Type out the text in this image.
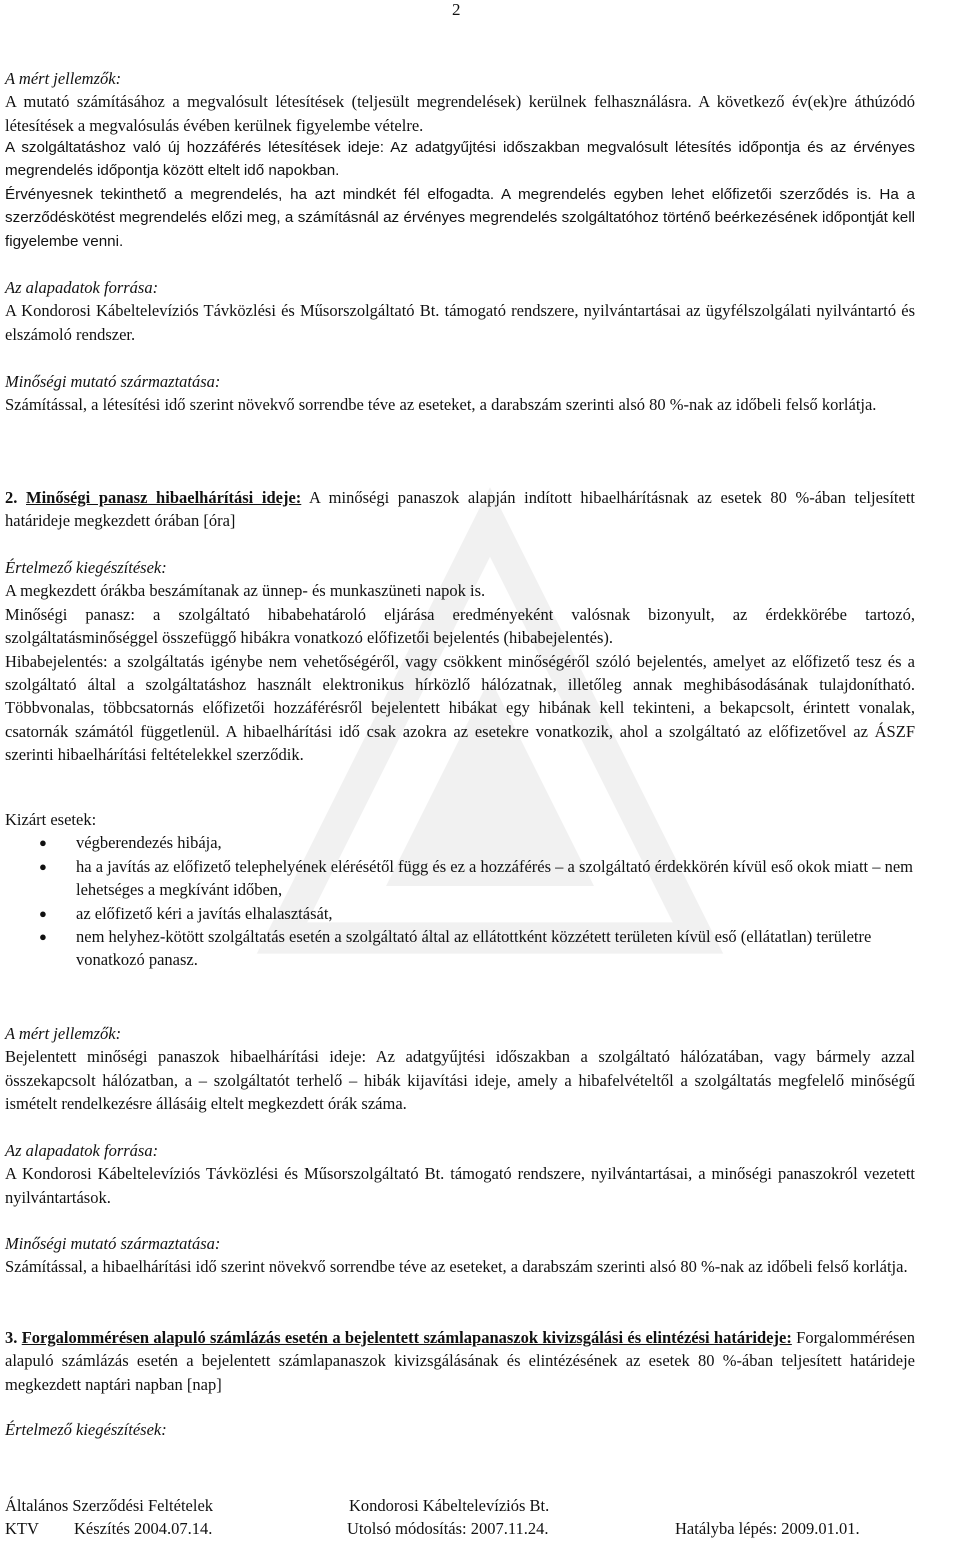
2

A mért jellemzők:

A mutató számításához a megvalósult létesítések (teljesült megrendelések) kerülnek felhasználásra. A következő év(ek)re áthúzódó létesítések a megvalósulás évében kerülnek figyelembe vételre.

A szolgáltatáshoz való új hozzáférés létesítések ideje: Az adatgyűjtési időszakban megvalósult létesítés időpontja és az érvényes megrendelés időpontja között eltelt idő napokban.

Érvényesnek tekinthető a megrendelés, ha azt mindkét fél elfogadta. A megrendelés egyben lehet előfizetői szerződés is. Ha a szerződéskötést megrendelés előzi meg, a számításnál az érvényes megrendelés szolgáltatóhoz történő beérkezésének időpontját kell figyelembe venni.

Az alapadatok forrása:

A Kondorosi Kábeltelevíziós Távközlési és Műsorszolgáltató Bt. támogató rendszere, nyilvántartásai az ügyfélszolgálati nyilvántartó és elszámoló rendszer.

Minőségi mutató származtatása:

Számítással, a létesítési idő szerint növekvő sorrendbe téve az eseteket, a darabszám szerinti alsó 80 %-nak az időbeli felső korlátja.

2. Minőségi panasz hibaelhárítási ideje: A minőségi panaszok alapján indított hibaelhárításnak az esetek 80 %-ában teljesített határideje megkezdett órában [óra]

Értelmező kiegészítések:

A megkezdett órákba beszámítanak az ünnep- és munkaszüneti napok is.

Minőségi panasz: a szolgáltató hibabehatároló eljárása eredményeként valósnak bizonyult, az érdekkörébe tartozó, szolgáltatásminőséggel összefüggő hibákra vonatkozó előfizetői bejelentés (hibabejelentés).

Hibabejelentés: a szolgáltatás igénybe nem vehetőségéről, vagy csökkent minőségéről szóló bejelentés, amelyet az előfizető tesz és a szolgáltató által a szolgáltatáshoz használt elektronikus hírközlő hálózatnak, illetőleg annak meghibásodásának tulajdonítható. Többvonalas, többcsatornás előfizetői hozzáférésről bejelentett hibákat egy hibának kell tekinteni, a bekapcsolt, érintett vonalak, csatornák számától függetlenül. A hibaelhárítási idő csak azokra az esetekre vonatkozik, ahol a szolgáltató az előfizetővel az ÁSZF szerinti hibaelhárítási feltételekkel szerződik.

Kizárt esetek:

● végberendezés hibája,
● ha a javítás az előfizető telephelyének elérésétől függ és ez a hozzáférés – a szolgáltató érdekkörén kívül eső okok miatt – nem lehetséges a megkívánt időben,
● az előfizető kéri a javítás elhalasztását,
● nem helyhez-kötött szolgáltatás esetén a szolgáltató által az ellátottként közzétett területen kívül eső (ellátatlan) területre vonatkozó panasz.

A mért jellemzők:

Bejelentett minőségi panaszok hibaelhárítási ideje: Az adatgyűjtési időszakban a szolgáltató hálózatában, vagy bármely azzal összekapcsolt hálózatban, a – szolgáltatót terhelő – hibák kijavítási ideje, amely a hibafelvételtől a szolgáltatás megfelelő minőségű ismételt rendelkezésre állásáig eltelt megkezdett órák száma.

Az alapadatok forrása:

A Kondorosi Kábeltelevíziós Távközlési és Műsorszolgáltató Bt. támogató rendszere, nyilvántartásai, a minőségi panaszokról vezetett nyilvántartások.

Minőségi mutató származtatása:

Számítással, a hibaelhárítási idő szerint növekvő sorrendbe téve az eseteket, a darabszám szerinti alsó 80 %-nak az időbeli felső korlátja.

3. Forgalommérésen alapuló számlázás esetén a bejelentett számlapanaszok kivizsgálási és elintézési határideje: Forgalommérésen alapuló számlázás esetén a bejelentett számlapanaszok kivizsgálásának és elintézésének az esetek 80 %-ában teljesített határideje megkezdett naptári napban [nap]

Értelmező kiegészítések:

Általános Szerződési Feltételek	Kondorosi Kábeltelevíziós Bt.
KTV Készítés 2004.07.14.	Utolsó módosítás: 2007.11.24.	Hatályba lépés: 2009.01.01.
